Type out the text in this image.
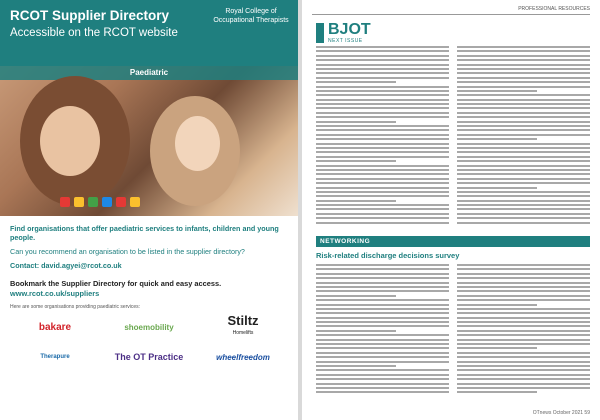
RCOT Supplier Directory
Accessible on the RCOT website
Royal College of Occupational Therapists
Paediatric

Find organisations that offer paediatric services to infants, children and young people.

Can you recommend an organisation to be listed in the supplier directory?

Contact: david.agyei@rcot.co.uk

Bookmark the Supplier Directory for quick and easy access.
www.rcot.co.uk/suppliers
Here are some organisations providing paediatric services:
bakare	shoemobility	Stiltz
Homelifts
Therapure	The OT Practice	wheelfreedom
PROFESSIONAL RESOURCES
BJOT
NEXT ISSUE
NETWORKING
Risk-related discharge decisions survey
OTnews October 2021 59
